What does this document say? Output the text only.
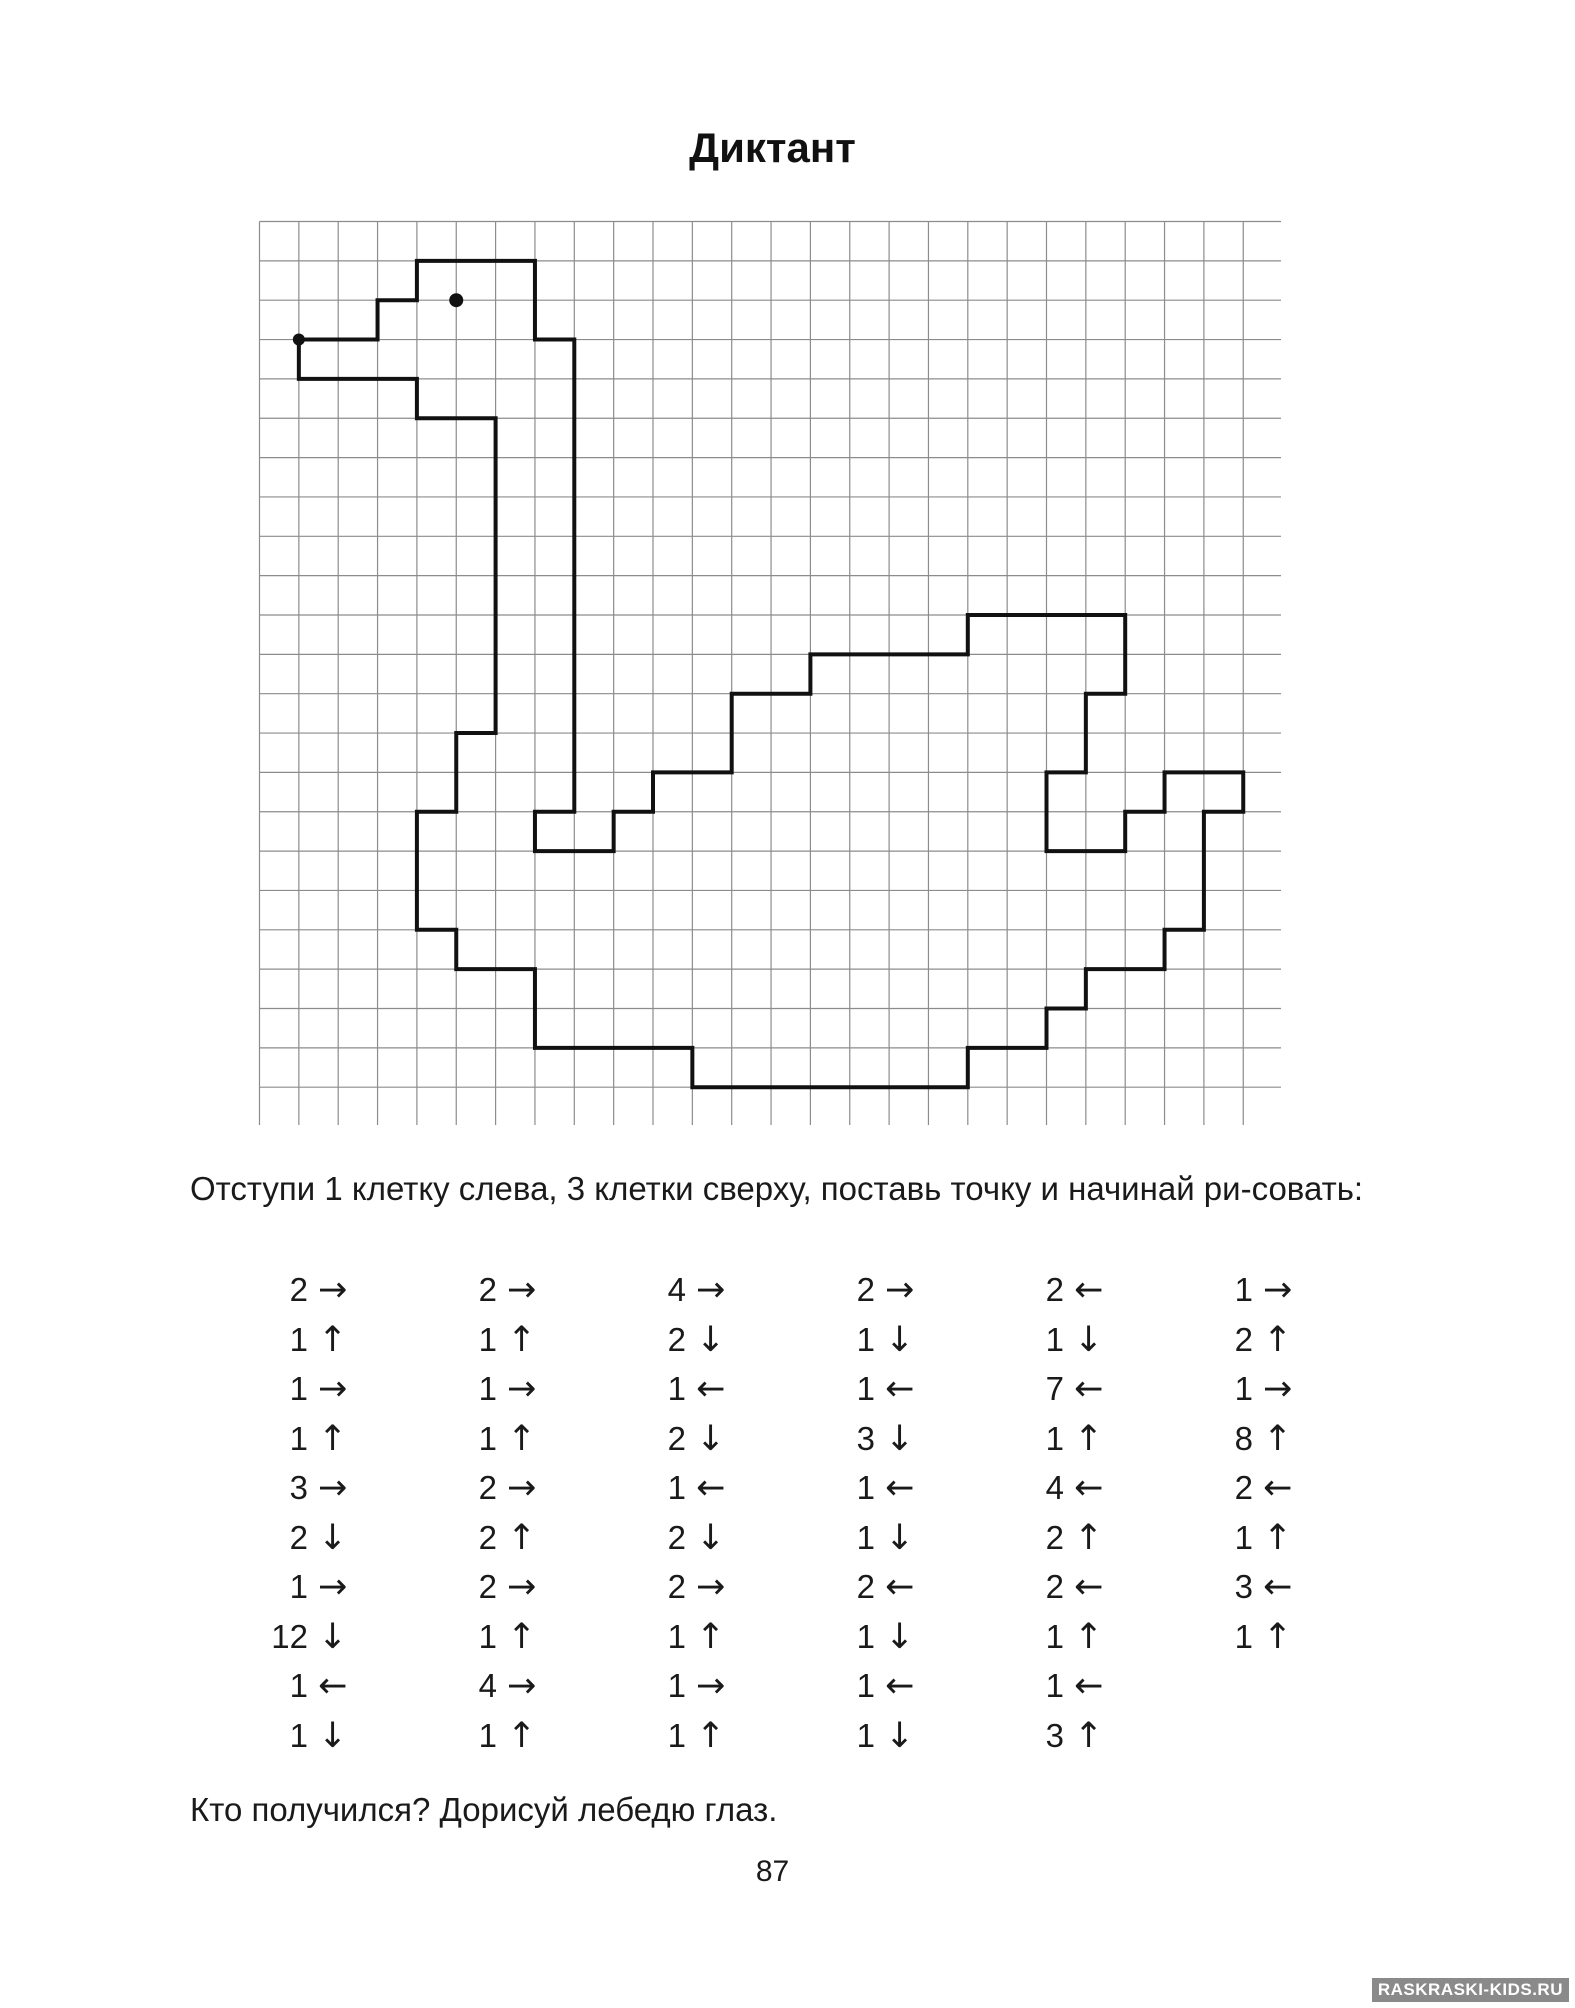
Диктант
Отступи 1 клетку слева, 3 клетки сверху, поставь точку и начинай ри-совать:
2 →
1 ↑
1 →
1 ↑
3 →
2 ↓
1 →
12 ↓
1 ←
1 ↓
2 →
1 ↑
1 →
1 ↑
2 →
2 ↑
2 →
1 ↑
4 →
1 ↑
4 →
2 ↓
1 ←
2 ↓
1 ←
2 ↓
2 →
1 ↑
1 →
1 ↑
2 →
1 ↓
1 ←
3 ↓
1 ←
1 ↓
2 ←
1 ↓
1 ←
1 ↓
2 ←
1 ↓
7 ←
1 ↑
4 ←
2 ↑
2 ←
1 ↑
1 ←
3 ↑
1 →
2 ↑
1 →
8 ↑
2 ←
1 ↑
3 ←
1 ↑
Кто получился? Дорисуй лебедю глаз.
87
RASKRASKI-KIDS.RU
